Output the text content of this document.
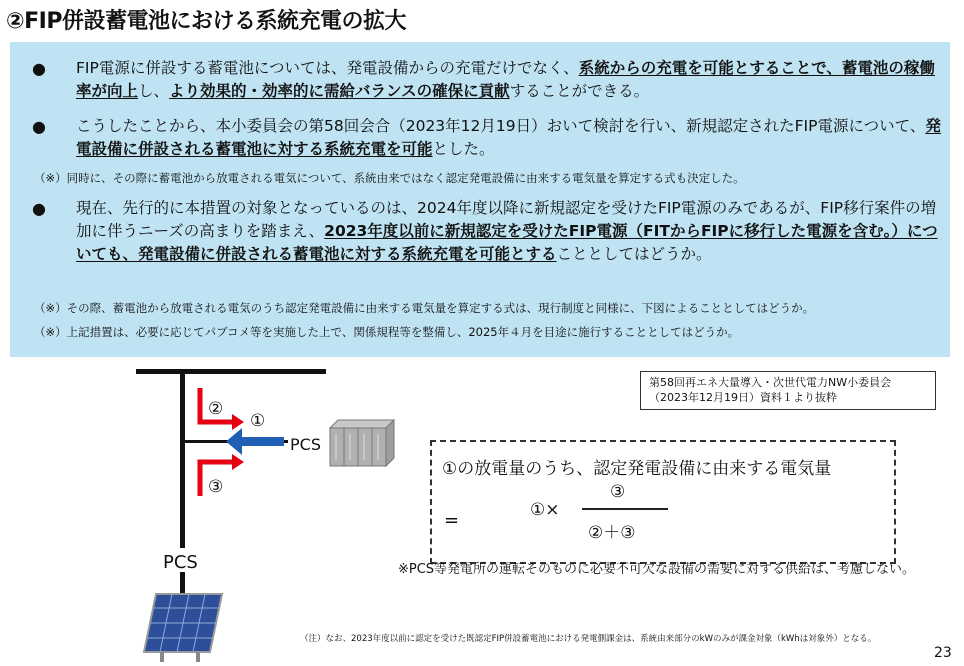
②FIP併設蓄電池における系統充電の拡大
● FIP電源に併設する蓄電池については、発電設備からの充電だけでなく、系統からの充電を可能とすることで、蓄電池の稼働率が向上し、より効果的・効率的に需給バランスの確保に貢献することができる。
● こうしたことから、本小委員会の第58回会合（2023年12月19日）おいて検討を行い、新規認定されたFIP電源について、発電設備に併設される蓄電池に対する系統充電を可能とした。
（※）同時に、その際に蓄電池から放電される電気について、系統由来ではなく認定発電設備に由来する電気量を算定する式も決定した。
● 現在、先行的に本措置の対象となっているのは、2024年度以降に新規認定を受けたFIP電源のみであるが、FIP移行案件の増加に伴うニーズの高まりを踏まえ、2023年度以前に新規認定を受けたFIP電源（FITからFIPに移行した電源を含む。）についても、発電設備に併設される蓄電池に対する系統充電を可能とすることとしてはどうか。
（※）その際、蓄電池から放電される電気のうち認定発電設備に由来する電気量を算定する式は、現行制度と同様に、下図によることとしてはどうか。
（※）上記措置は、必要に応じてパブコメ等を実施した上で、関係規程等を整備し、2025年４月を目途に施行することとしてはどうか。
第58回再エネ大量導入・次世代電力NW小委員会
（2023年12月19日）資料１より抜粋
②
①
③
PCS
PCS
①の放電量のうち、認定発電設備に由来する電気量
=	①×
③
②＋③
※PCS等発電所の運転そのものに必要不可欠な設備の需要に対する供給は、考慮しない。
（注）なお、2023年度以前に認定を受けた既認定FIP併設蓄電池における発電側課金は、系統由来部分のkWのみが課金対象（kWhは対象外）となる。
23
